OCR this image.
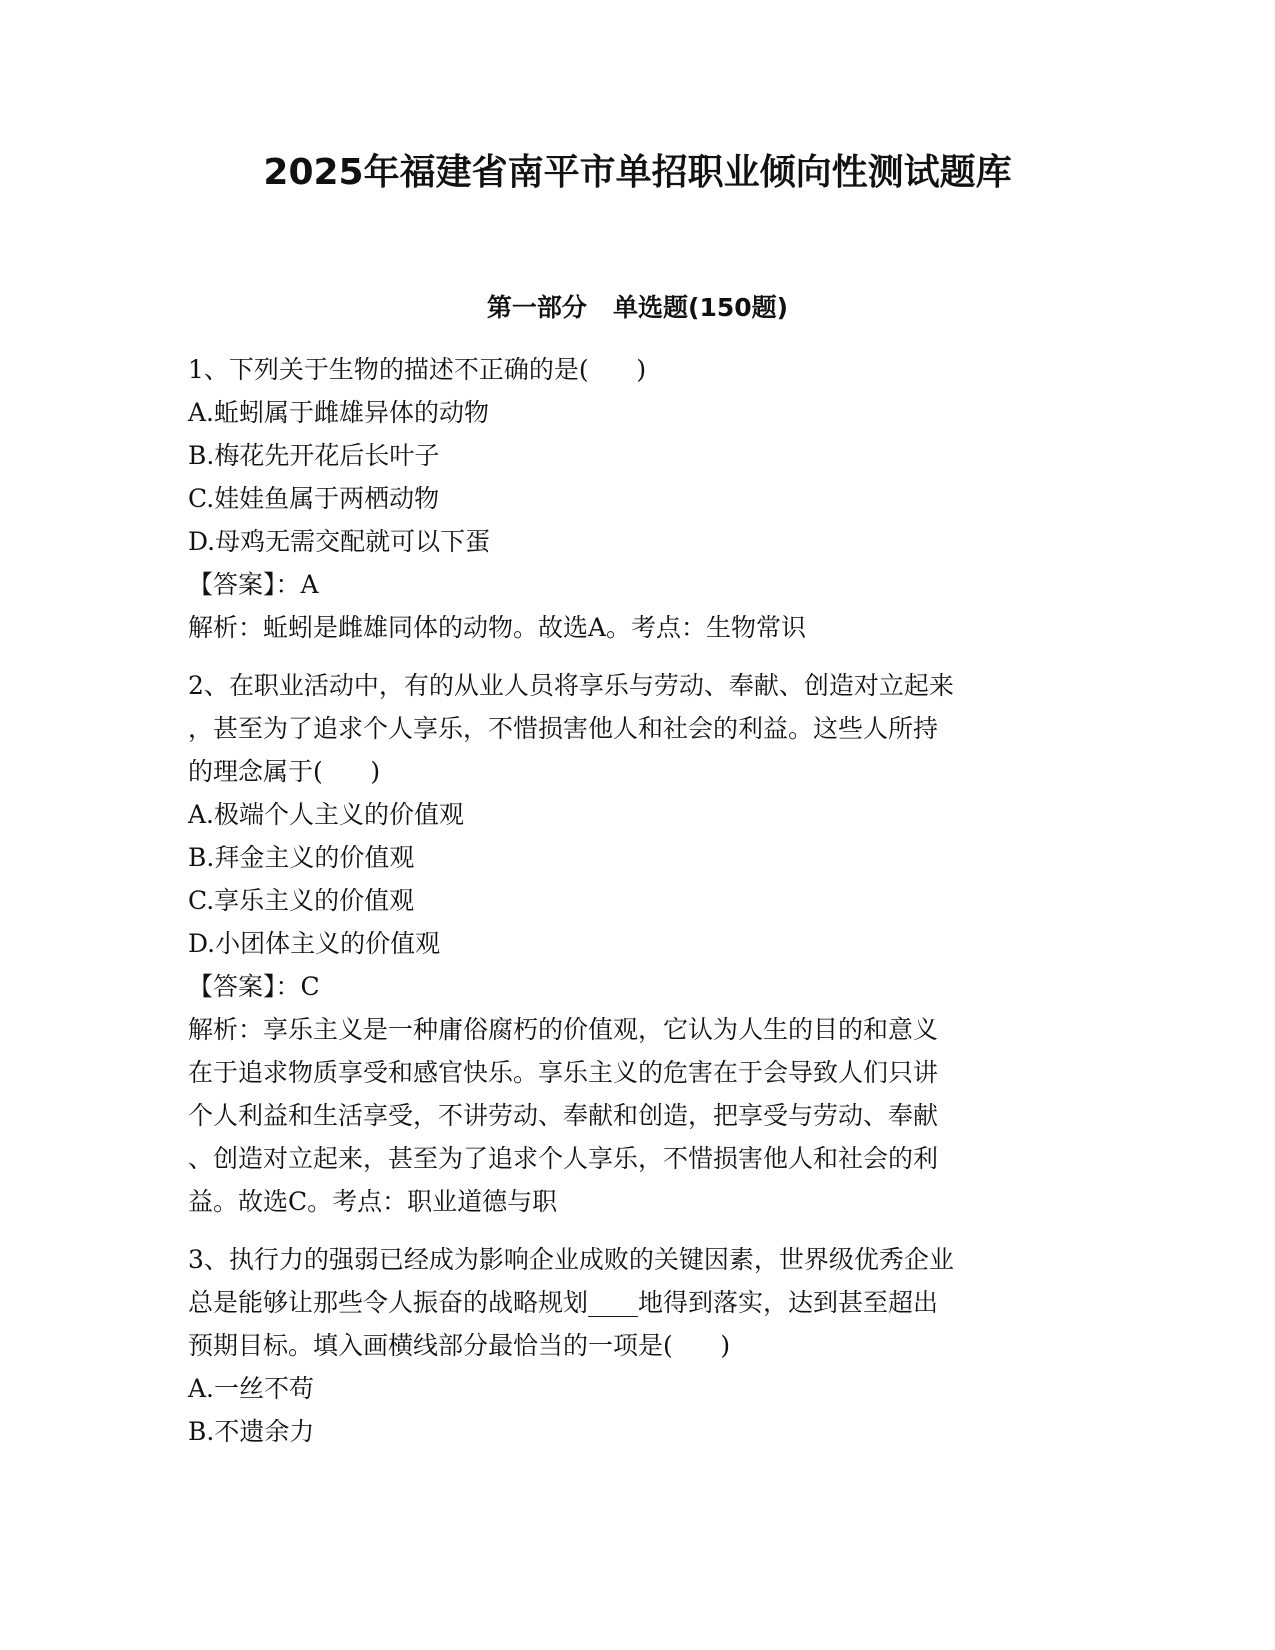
2025年福建省南平市单招职业倾向性测试题库
第一部分   单选题(150题)

1、下列关于生物的描述不正确的是(      )

A.蚯蚓属于雌雄异体的动物

B.梅花先开花后长叶子

C.娃娃鱼属于两栖动物

D.母鸡无需交配就可以下蛋

【答案】：A

解析：蚯蚓是雌雄同体的动物。故选A。考点：生物常识

2、在职业活动中，有的从业人员将享乐与劳动、奉献、创造对立起来

，甚至为了追求个人享乐，不惜损害他人和社会的利益。这些人所持

的理念属于(      )

A.极端个人主义的价值观

B.拜金主义的价值观

C.享乐主义的价值观

D.小团体主义的价值观

【答案】：C

解析：享乐主义是一种庸俗腐朽的价值观，它认为人生的目的和意义

在于追求物质享受和感官快乐。享乐主义的危害在于会导致人们只讲

个人利益和生活享受，不讲劳动、奉献和创造，把享受与劳动、奉献

、创造对立起来，甚至为了追求个人享乐，不惜损害他人和社会的利

益。故选C。考点：职业道德与职

3、执行力的强弱已经成为影响企业成败的关键因素，世界级优秀企业

总是能够让那些令人振奋的战略规划____地得到落实，达到甚至超出

预期目标。填入画横线部分最恰当的一项是(      )

A.一丝不苟

B.不遗余力
